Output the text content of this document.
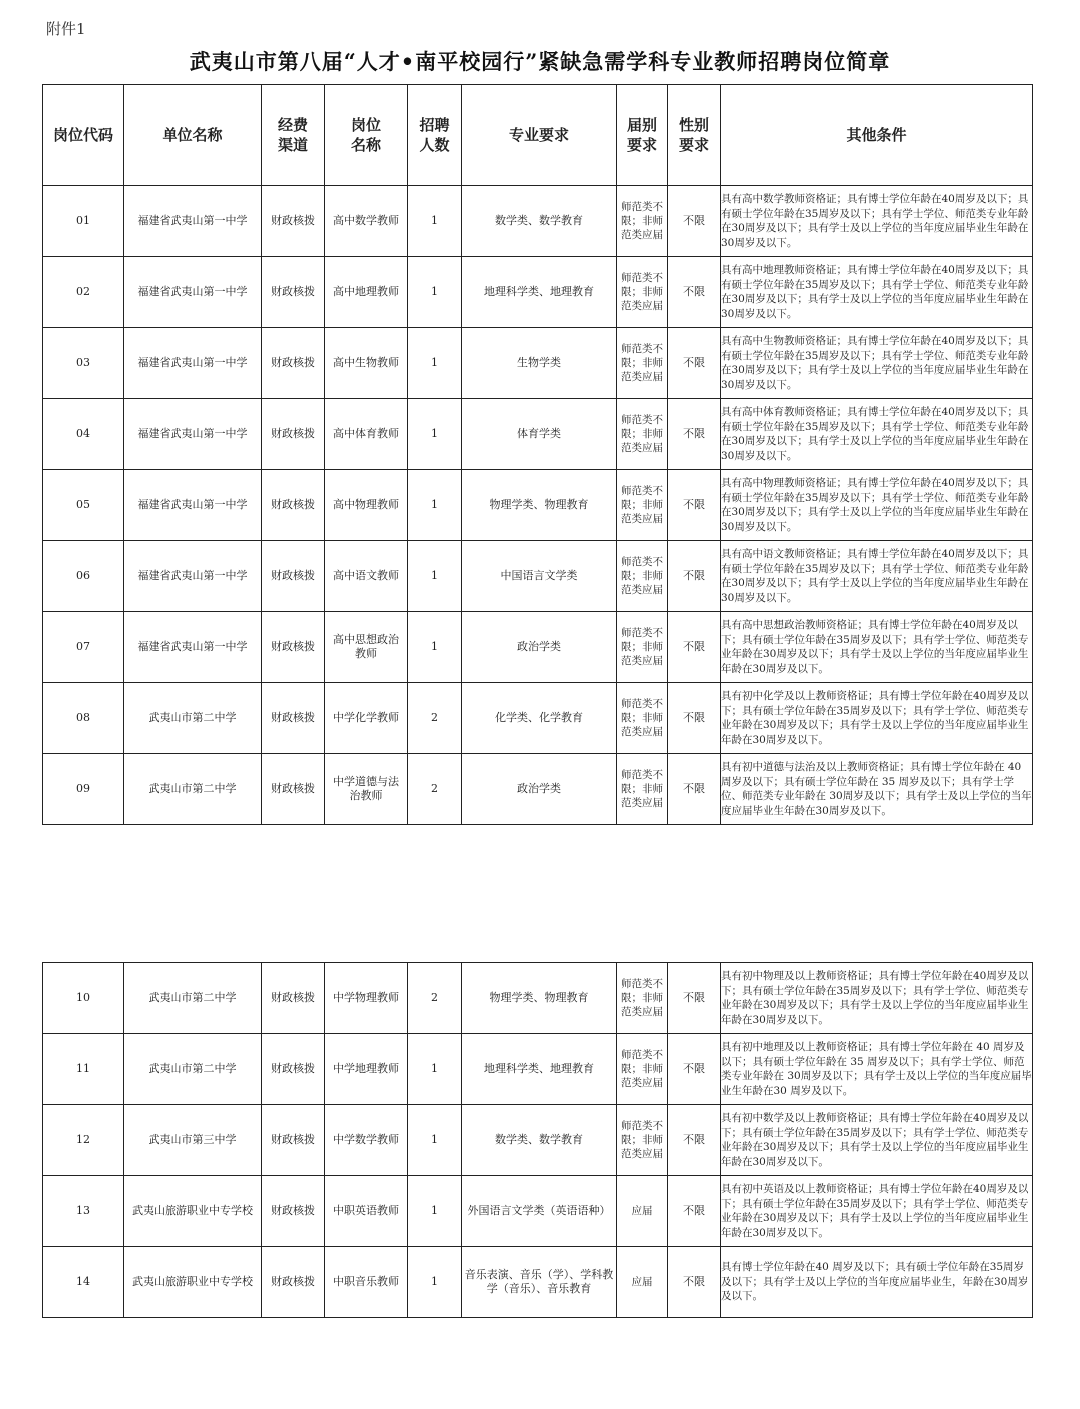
附件1
武夷山市第八届“人才•南平校园行”紧缺急需学科专业教师招聘岗位简章
岗位代码	单位名称	经费渠道	岗位名称	招聘人数	专业要求	届别要求	性别要求	其他条件
01	福建省武夷山第一中学	财政核拨	高中数学教师	1	数学类、数学教育	师范类不限；非师范类应届	不限	具有高中数学教师资格证；具有博士学位年龄在40周岁及以下；具有硕士学位年龄在35周岁及以下；具有学士学位、师范类专业年龄在30周岁及以下；具有学士及以上学位的当年度应届毕业生年龄在30周岁及以下。
02	福建省武夷山第一中学	财政核拨	高中地理教师	1	地理科学类、地理教育	师范类不限；非师范类应届	不限	具有高中地理教师资格证；具有博士学位年龄在40周岁及以下；具有硕士学位年龄在35周岁及以下；具有学士学位、师范类专业年龄在30周岁及以下；具有学士及以上学位的当年度应届毕业生年龄在30周岁及以下。
03	福建省武夷山第一中学	财政核拨	高中生物教师	1	生物学类	师范类不限；非师范类应届	不限	具有高中生物教师资格证；具有博士学位年龄在40周岁及以下；具有硕士学位年龄在35周岁及以下；具有学士学位、师范类专业年龄在30周岁及以下；具有学士及以上学位的当年度应届毕业生年龄在30周岁及以下。
04	福建省武夷山第一中学	财政核拨	高中体育教师	1	体育学类	师范类不限；非师范类应届	不限	具有高中体育教师资格证；具有博士学位年龄在40周岁及以下；具有硕士学位年龄在35周岁及以下；具有学士学位、师范类专业年龄在30周岁及以下；具有学士及以上学位的当年度应届毕业生年龄在30周岁及以下。
05	福建省武夷山第一中学	财政核拨	高中物理教师	1	物理学类、物理教育	师范类不限；非师范类应届	不限	具有高中物理教师资格证；具有博士学位年龄在40周岁及以下；具有硕士学位年龄在35周岁及以下；具有学士学位、师范类专业年龄在30周岁及以下；具有学士及以上学位的当年度应届毕业生年龄在30周岁及以下。
06	福建省武夷山第一中学	财政核拨	高中语文教师	1	中国语言文学类	师范类不限；非师范类应届	不限	具有高中语文教师资格证；具有博士学位年龄在40周岁及以下；具有硕士学位年龄在35周岁及以下；具有学士学位、师范类专业年龄在30周岁及以下；具有学士及以上学位的当年度应届毕业生年龄在30周岁及以下。
07	福建省武夷山第一中学	财政核拨	高中思想政治教师	1	政治学类	师范类不限；非师范类应届	不限	具有高中思想政治教师资格证；具有博士学位年龄在40周岁及以下；具有硕士学位年龄在35周岁及以下；具有学士学位、师范类专业年龄在30周岁及以下；具有学士及以上学位的当年度应届毕业生年龄在30周岁及以下。
08	武夷山市第二中学	财政核拨	中学化学教师	2	化学类、化学教育	师范类不限；非师范类应届	不限	具有初中化学及以上教师资格证；具有博士学位年龄在40周岁及以下；具有硕士学位年龄在35周岁及以下；具有学士学位、师范类专业年龄在30周岁及以下；具有学士及以上学位的当年度应届毕业生年龄在30周岁及以下。
09	武夷山市第二中学	财政核拨	中学道德与法治教师	2	政治学类	师范类不限；非师范类应届	不限	具有初中道德与法治及以上教师资格证；具有博士学位年龄在 40 周岁及以下；具有硕士学位年龄在 35 周岁及以下；具有学士学位、师范类专业年龄在 30周岁及以下；具有学士及以上学位的当年度应届毕业生年龄在30周岁及以下。
10	武夷山市第二中学	财政核拨	中学物理教师	2	物理学类、物理教育	师范类不限；非师范类应届	不限	具有初中物理及以上教师资格证；具有博士学位年龄在40周岁及以下；具有硕士学位年龄在35周岁及以下；具有学士学位、师范类专业年龄在30周岁及以下；具有学士及以上学位的当年度应届毕业生年龄在30周岁及以下。
11	武夷山市第二中学	财政核拨	中学地理教师	1	地理科学类、地理教育	师范类不限；非师范类应届	不限	具有初中地理及以上教师资格证；具有博士学位年龄在 40 周岁及以下；具有硕士学位年龄在 35 周岁及以下；具有学士学位、师范类专业年龄在 30周岁及以下；具有学士及以上学位的当年度应届毕业生年龄在30 周岁及以下。
12	武夷山市第三中学	财政核拨	中学数学教师	1	数学类、数学教育	师范类不限；非师范类应届	不限	具有初中数学及以上教师资格证；具有博士学位年龄在40周岁及以下；具有硕士学位年龄在35周岁及以下；具有学士学位、师范类专业年龄在30周岁及以下；具有学士及以上学位的当年度应届毕业生年龄在30周岁及以下。
13	武夷山旅游职业中专学校	财政核拨	中职英语教师	1	外国语言文学类（英语语种）	应届	不限	具有初中英语及以上教师资格证；具有博士学位年龄在40周岁及以下；具有硕士学位年龄在35周岁及以下；具有学士学位、师范类专业年龄在30周岁及以下；具有学士及以上学位的当年度应届毕业生年龄在30周岁及以下。
14	武夷山旅游职业中专学校	财政核拨	中职音乐教师	1	音乐表演、音乐（学）、学科教学（音乐）、音乐教育	应届	不限	具有博士学位年龄在40 周岁及以下；具有硕士学位年龄在35周岁及以下；具有学士及以上学位的当年度应届毕业生，年龄在30周岁及以下。
